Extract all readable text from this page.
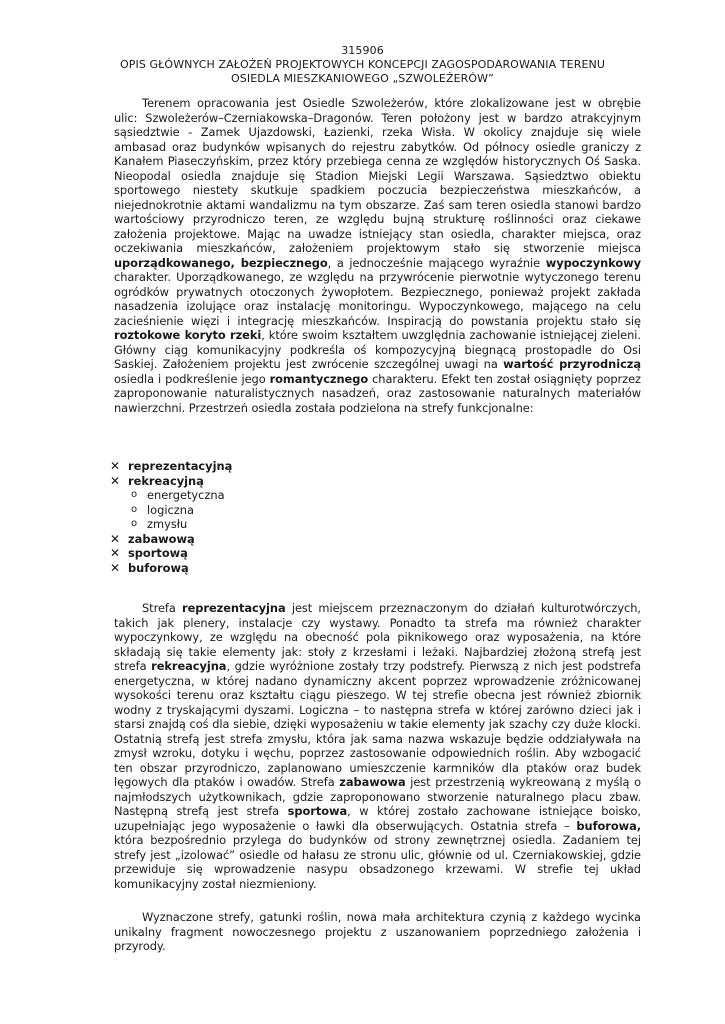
315906
OPIS GŁÓWNYCH ZAŁOŻEŃ PROJEKTOWYCH KONCEPCJI ZAGOSPODAROWANIA TERENU
OSIEDLA MIESZKANIOWEGO „SZWOLEŻERÓW”
Terenem opracowania jest Osiedle Szwoleżerów, które zlokalizowane jest w obrębie ulic: Szwoleżerów–Czerniakowska–Dragonów. Teren położony jest w bardzo atrakcyjnym sąsiedztwie - Zamek Ujazdowski, Łazienki, rzeka Wisła. W okolicy znajduje się wiele ambasad oraz budynków wpisanych do rejestru zabytków. Od północy osiedle graniczy z Kanałem Piaseczyńskim, przez który przebiega cenna ze względów historycznych Oś Saska. Nieopodal osiedla znajduje się Stadion Miejski Legii Warszawa. Sąsiedztwo obiektu sportowego niestety skutkuje spadkiem poczucia bezpieczeństwa mieszkańców, a niejednokrotnie aktami wandalizmu na tym obszarze. Zaś sam teren osiedla stanowi bardzo wartościowy przyrodniczo teren, ze względu bujną strukturę roślinności oraz ciekawe założenia projektowe. Mając na uwadze istniejący stan osiedla, charakter miejsca, oraz oczekiwania mieszkańców, założeniem projektowym stało się stworzenie miejsca uporządkowanego, bezpiecznego, a jednocześnie mającego wyraźnie wypoczynkowy charakter. Uporządkowanego, ze względu na przywrócenie pierwotnie wytyczonego terenu ogródków prywatnych otoczonych żywopłotem. Bezpiecznego, ponieważ projekt zakłada nasadzenia izolujące oraz instalację monitoringu. Wypoczynkowego, mającego na celu zacieśnienie więzi i integrację mieszkańców. Inspiracją do powstania projektu stało się roztokowe koryto rzeki, które swoim kształtem uwzględnia zachowanie istniejącej zieleni. Główny ciąg komunikacyjny podkreśla oś kompozycyjną biegnącą prostopadle do Osi Saskiej. Założeniem projektu jest zwrócenie szczególnej uwagi na wartość przyrodniczą osiedla i podkreślenie jego romantycznego charakteru. Efekt ten został osiągnięty poprzez zaproponowanie naturalistycznych nasadzeń, oraz zastosowanie naturalnych materiałów nawierzchni. Przestrzeń osiedla została podzielona na strefy funkcjonalne:
✕ reprezentacyjną
✕ rekreacyjną
o energetyczna
o logiczna
o zmysłu
✕ zabawową
✕ sportową
✕ buforową
Strefa reprezentacyjna jest miejscem przeznaczonym do działań kulturotwórczych, takich jak plenery, instalacje czy wystawy. Ponadto ta strefa ma również charakter wypoczynkowy, ze względu na obecność pola piknikowego oraz wyposażenia, na które składają się takie elementy jak: stoły z krzesłami i leżaki. Najbardziej złożoną strefą jest strefa rekreacyjna, gdzie wyróżnione zostały trzy podstrefy. Pierwszą z nich jest podstrefa energetyczna, w której nadano dynamiczny akcent poprzez wprowadzenie zróżnicowanej wysokości terenu oraz kształtu ciągu pieszego. W tej strefie obecna jest również zbiornik wodny z tryskającymi dyszami. Logiczna – to następna strefa w której zarówno dzieci jak i starsi znajdą coś dla siebie, dzięki wyposażeniu w takie elementy jak szachy czy duże klocki. Ostatnią strefą jest strefa zmysłu, która jak sama nazwa wskazuje będzie oddziaływała na zmysł wzroku, dotyku i węchu, poprzez zastosowanie odpowiednich roślin. Aby wzbogacić ten obszar przyrodniczo, zaplanowano umieszczenie karmników dla ptaków oraz budek lęgowych dla ptaków i owadów. Strefa zabawowa jest przestrzenią wykreowaną z myślą o najmłodszych użytkownikach, gdzie zaproponowano stworzenie naturalnego placu zbaw. Następną strefą jest strefa sportowa, w której zostało zachowane istniejące boisko, uzupełniając jego wyposażenie o ławki dla obserwujących. Ostatnia strefa – buforowa, która bezpośrednio przylega do budynków od strony zewnętrznej osiedla. Zadaniem tej strefy jest „izolować” osiedle od hałasu ze stronu ulic, głównie od ul. Czerniakowskiej, gdzie przewiduje się wprowadzenie nasypu obsadzonego krzewami. W strefie tej układ komunikacyjny został niezmieniony.
Wyznaczone strefy, gatunki roślin, nowa mała architektura czynią z każdego wycinka unikalny fragment nowoczesnego projektu z uszanowaniem poprzedniego założenia i przyrody.
